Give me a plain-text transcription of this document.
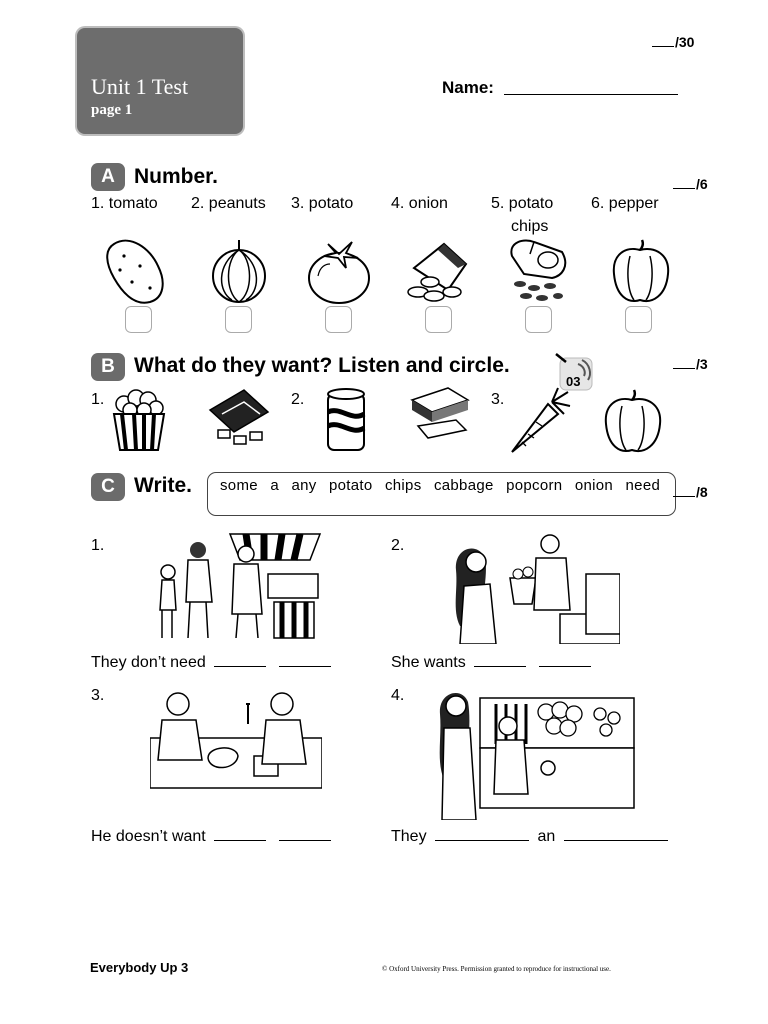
Unit 1 Test
page 1
/30
Name:
A Number.	/6
1. tomato 2. peanuts 3. potato 4. onion	5. potato
chips
6. pepper
B What do they want? Listen and circle.
03
/3
1.	2.	3.
C Write. some a any potato chips cabbage popcorn onion need	/8
1.
They don’t need
2.
She wants
3.
He doesn’t want
4.
They	an
Everybody Up 3	© Oxford University Press. Permission granted to reproduce for instructional use.
